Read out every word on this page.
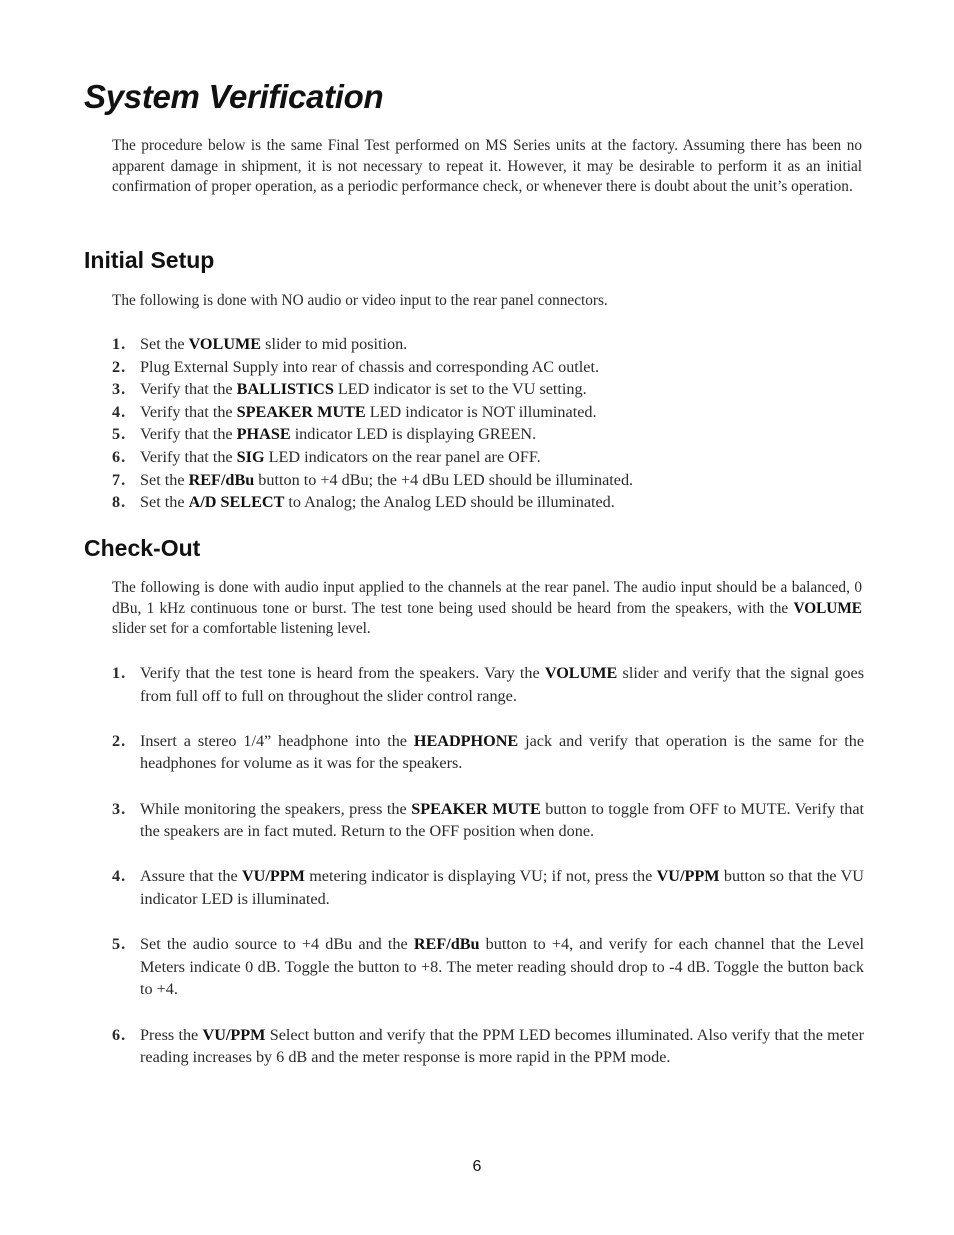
System Verification

The procedure below is the same Final Test performed on MS Series units at the factory. Assuming there has been no apparent damage in shipment, it is not necessary to repeat it. However, it may be desirable to perform it as an initial confirmation of proper operation, as a periodic performance check, or whenever there is doubt about the unit’s operation.

Initial Setup

The following is done with NO audio or video input to the rear panel connectors.

1. Set the VOLUME slider to mid position.
2. Plug External Supply into rear of chassis and corresponding AC outlet.
3. Verify that the BALLISTICS LED indicator is set to the VU setting.
4. Verify that the SPEAKER MUTE LED indicator is NOT illuminated.
5. Verify that the PHASE indicator LED is displaying GREEN.
6. Verify that the SIG LED indicators on the rear panel are OFF.
7. Set the REF/dBu button to +4 dBu; the +4 dBu LED should be illuminated.
8. Set the A/D SELECT to Analog; the Analog LED should be illuminated.
Check-Out

The following is done with audio input applied to the channels at the rear panel. The audio input should be a balanced, 0 dBu, 1 kHz continuous tone or burst. The test tone being used should be heard from the speakers, with the VOLUME slider set for a comfortable listening level.

1. Verify that the test tone is heard from the speakers. Vary the VOLUME slider and verify that the signal goes from full off to full on throughout the slider control range.
2. Insert a stereo 1/4” headphone into the HEADPHONE jack and verify that operation is the same for the headphones for volume as it was for the speakers.
3. While monitoring the speakers, press the SPEAKER MUTE button to toggle from OFF to MUTE. Verify that the speakers are in fact muted. Return to the OFF position when done.
4. Assure that the VU/PPM metering indicator is displaying VU; if not, press the VU/PPM button so that the VU indicator LED is illuminated.
5. Set the audio source to +4 dBu and the REF/dBu button to +4, and verify for each channel that the Level Meters indicate 0 dB. Toggle the button to +8. The meter reading should drop to -4 dB. Toggle the button back to +4.
6. Press the VU/PPM Select button and verify that the PPM LED becomes illuminated. Also verify that the meter reading increases by 6 dB and the meter response is more rapid in the PPM mode.
6
